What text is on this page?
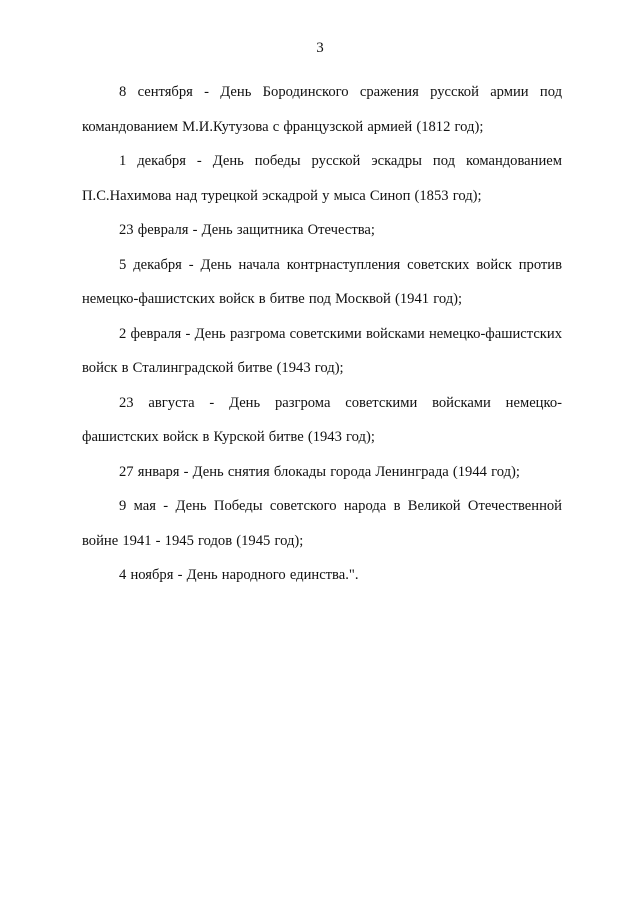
3

8 сентября - День Бородинского сражения русской армии под командованием М.И.Кутузова с французской армией (1812 год);

1 декабря - День победы русской эскадры под командованием П.С.Нахимова над турецкой эскадрой у мыса Синоп (1853 год);

23 февраля - День защитника Отечества;

5 декабря - День начала контрнаступления советских войск против немецко-фашистских войск в битве под Москвой (1941 год);

2 февраля - День разгрома советскими войсками немецко-фашистских войск в Сталинградской битве (1943 год);

23 августа - День разгрома советскими войсками немецко-фашистских войск в Курской битве (1943 год);

27 января - День снятия блокады города Ленинграда (1944 год);

9 мая - День Победы советского народа в Великой Отечественной войне 1941 - 1945 годов (1945 год);

4 ноября - День народного единства.".
